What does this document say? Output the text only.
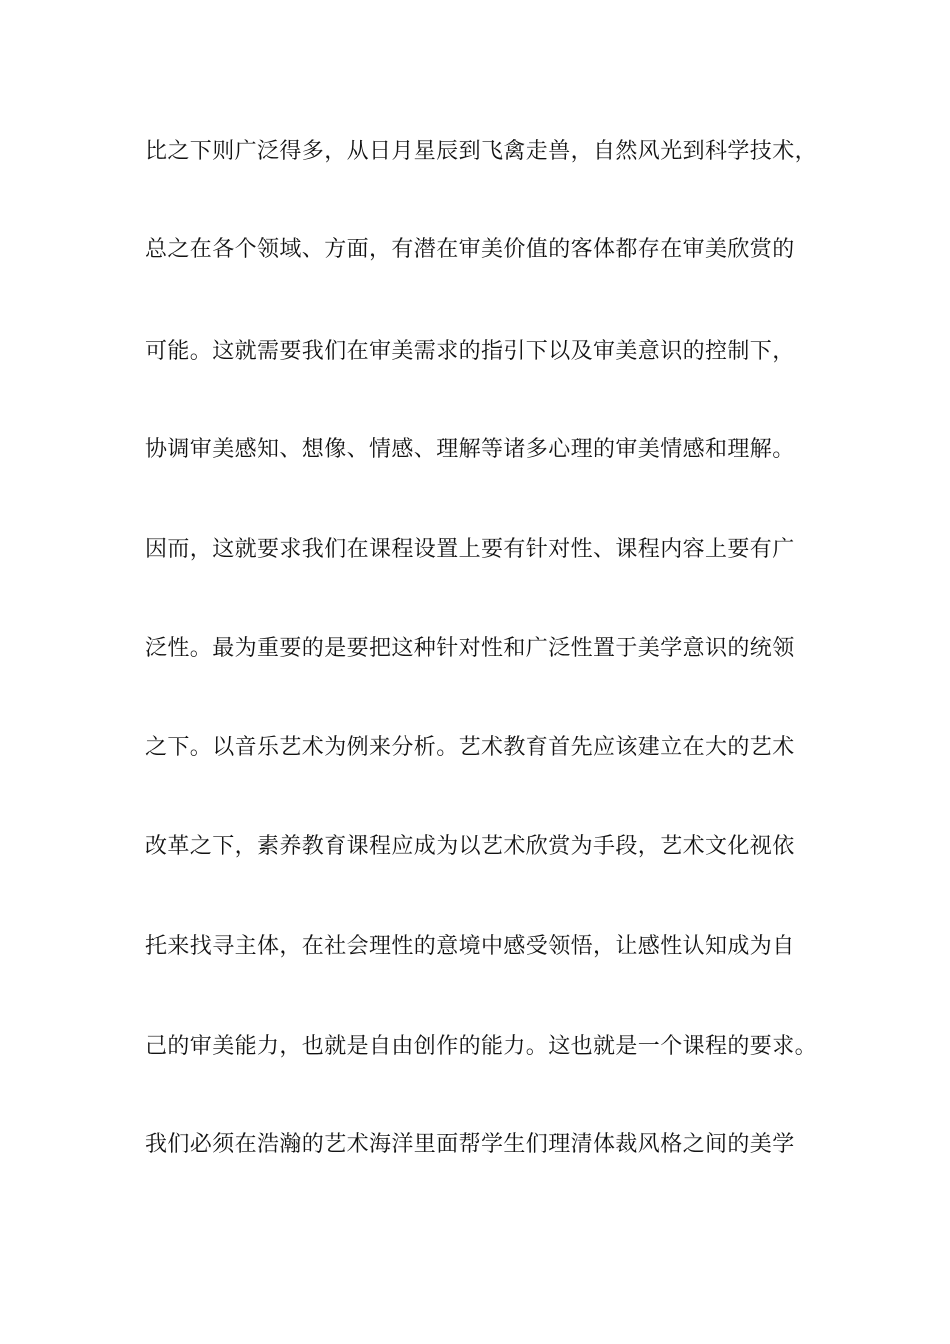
比之下则广泛得多，从日月星辰到飞禽走兽，自然风光到科学技术，
总之在各个领域、方面，有潜在审美价值的客体都存在审美欣赏的
可能。这就需要我们在审美需求的指引下以及审美意识的控制下，
协调审美感知、想像、情感、理解等诸多心理的审美情感和理解。
因而，这就要求我们在课程设置上要有针对性、课程内容上要有广
泛性。最为重要的是要把这种针对性和广泛性置于美学意识的统领
之下。以音乐艺术为例来分析。艺术教育首先应该建立在大的艺术
改革之下，素养教育课程应成为以艺术欣赏为手段，艺术文化视依
托来找寻主体，在社会理性的意境中感受领悟，让感性认知成为自
己的审美能力，也就是自由创作的能力。这也就是一个课程的要求。
我们必须在浩瀚的艺术海洋里面帮学生们理清体裁风格之间的美学
